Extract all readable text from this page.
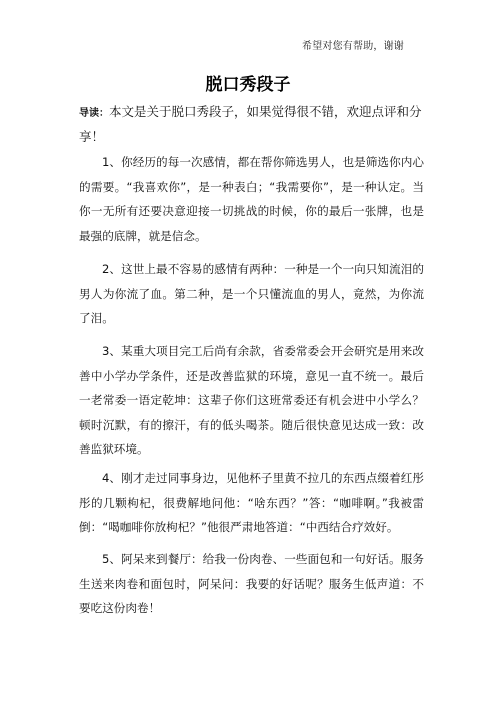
希望对您有帮助，谢谢
脱口秀段子
导读：本文是关于脱口秀段子，如果觉得很不错，欢迎点评和分享！

1、你经历的每一次感情，都在帮你筛选男人，也是筛选你内心的需要。“我喜欢你”，是一种表白；“我需要你”，是一种认定。当你一无所有还要决意迎接一切挑战的时候，你的最后一张牌，也是最强的底牌，就是信念。

2、这世上最不容易的感情有两种：一种是一个一向只知流泪的男人为你流了血。第二种，是一个只懂流血的男人，竟然，为你流了泪。

3、某重大项目完工后尚有余款，省委常委会开会研究是用来改善中小学办学条件，还是改善监狱的环境，意见一直不统一。最后一老常委一语定乾坤：这辈子你们这班常委还有机会进中小学么？顿时沉默，有的擦汗，有的低头喝茶。随后很快意见达成一致：改善监狱环境。

4、刚才走过同事身边，见他杯子里黄不拉几的东西点缀着红彤彤的几颗枸杞，很费解地问他：“啥东西？”答：“咖啡啊。”我被雷倒：“喝咖啡你放枸杞？”他很严肃地答道：“中西结合疗效好。

5、阿呆来到餐厅：给我一份肉卷、一些面包和一句好话。服务生送来肉卷和面包时，阿呆问：我要的好话呢？服务生低声道：不要吃这份肉卷！
